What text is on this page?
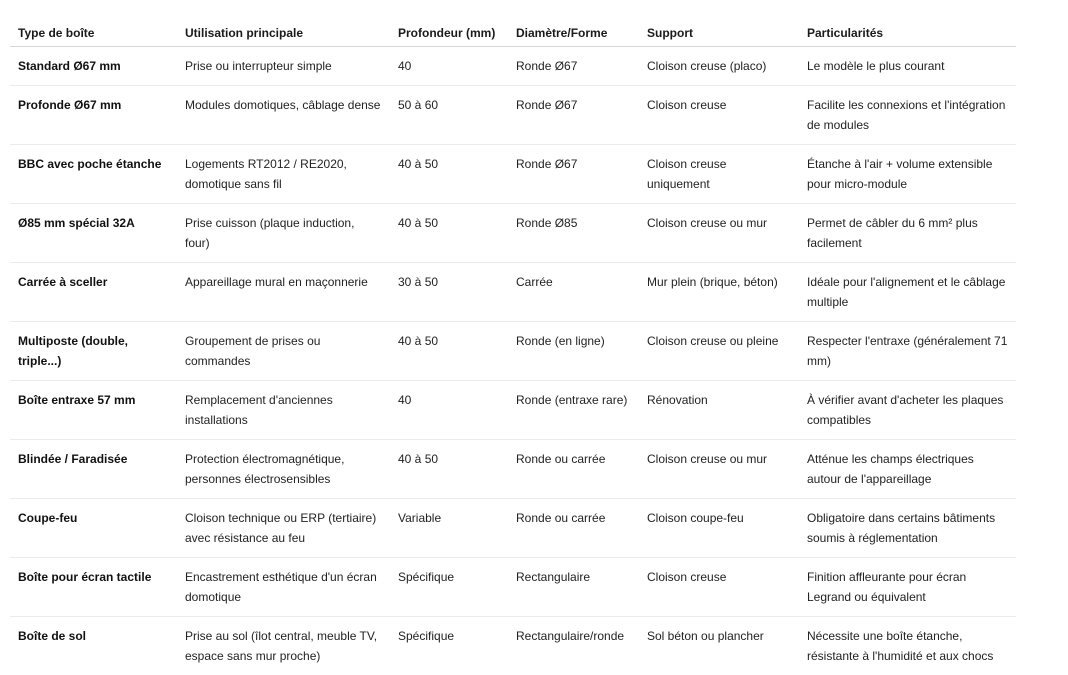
Type de boîte	Utilisation principale	Profondeur (mm)	Diamètre/Forme	Support	Particularités
Standard Ø67 mm	Prise ou interrupteur simple	40	Ronde Ø67	Cloison creuse (placo)	Le modèle le plus courant
Profonde Ø67 mm	Modules domotiques, câblage dense	50 à 60	Ronde Ø67	Cloison creuse	Facilite les connexions et l'intégration de modules
BBC avec poche étanche	Logements RT2012 / RE2020, domotique sans fil	40 à 50	Ronde Ø67	Cloison creuse uniquement	Étanche à l'air + volume extensible pour micro-module
Ø85 mm spécial 32A	Prise cuisson (plaque induction, four)	40 à 50	Ronde Ø85	Cloison creuse ou mur	Permet de câbler du 6 mm² plus facilement
Carrée à sceller	Appareillage mural en maçonnerie	30 à 50	Carrée	Mur plein (brique, béton)	Idéale pour l'alignement et le câblage multiple
Multiposte (double, triple...)	Groupement de prises ou commandes	40 à 50	Ronde (en ligne)	Cloison creuse ou pleine	Respecter l'entraxe (généralement 71 mm)
Boîte entraxe 57 mm	Remplacement d'anciennes installations	40	Ronde (entraxe rare)	Rénovation	À vérifier avant d'acheter les plaques compatibles
Blindée / Faradisée	Protection électromagnétique, personnes électrosensibles	40 à 50	Ronde ou carrée	Cloison creuse ou mur	Atténue les champs électriques autour de l'appareillage
Coupe-feu	Cloison technique ou ERP (tertiaire) avec résistance au feu	Variable	Ronde ou carrée	Cloison coupe-feu	Obligatoire dans certains bâtiments soumis à réglementation
Boîte pour écran tactile	Encastrement esthétique d'un écran domotique	Spécifique	Rectangulaire	Cloison creuse	Finition affleurante pour écran Legrand ou équivalent
Boîte de sol	Prise au sol (îlot central, meuble TV, espace sans mur proche)	Spécifique	Rectangulaire/ronde	Sol béton ou plancher	Nécessite une boîte étanche, résistante à l'humidité et aux chocs
